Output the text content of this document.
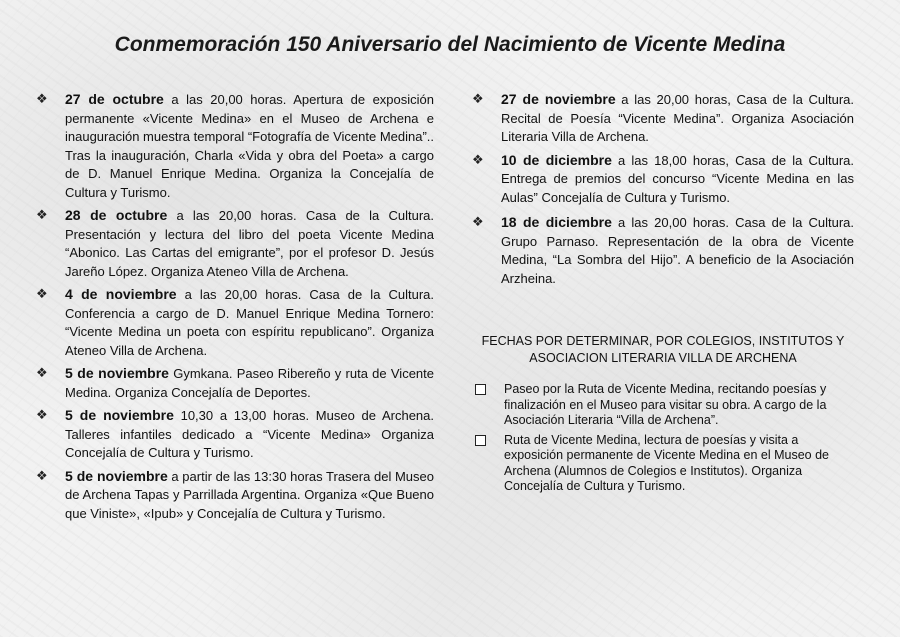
Conmemoración 150 Aniversario del Nacimiento de Vicente Medina
❖ 27 de octubre a las 20,00 horas. Apertura de exposición permanente «Vicente Medina» en el Museo de Archena e inauguración muestra temporal “Fotografía de Vicente Medina”.. Tras la inauguración, Charla «Vida y obra del Poeta» a cargo de D. Manuel Enrique Medina. Organiza la Concejalía de Cultura y Turismo.
❖ 28 de octubre a las 20,00 horas. Casa de la Cultura. Presentación y lectura del libro del poeta Vicente Medina “Abonico. Las Cartas del emigrante”, por el profesor D. Jesús Jareño López. Organiza Ateneo Villa de Archena.
❖ 4 de noviembre a las 20,00 horas. Casa de la Cultura. Conferencia a cargo de D. Manuel Enrique Medina Tornero: “Vicente Medina un poeta con espíritu republicano”. Organiza Ateneo Villa de Archena.
❖ 5 de noviembre Gymkana. Paseo Ribereño y ruta de Vicente Medina. Organiza Concejalía de Deportes.
❖ 5 de noviembre 10,30 a 13,00 horas. Museo de Archena. Talleres infantiles dedicado a “Vicente Medina» Organiza Concejalía de Cultura y Turismo.
❖ 5 de noviembre a partir de las 13:30 horas Trasera del Museo de Archena Tapas y Parrillada Argentina. Organiza «Que Bueno que Viniste», «Ipub» y Concejalía de Cultura y Turismo.
❖ 27 de noviembre a las 20,00 horas, Casa de la Cultura. Recital de Poesía “Vicente Medina”. Organiza Asociación Literaria Villa de Archena.
❖ 10 de diciembre a las 18,00 horas, Casa de la Cultura. Entrega de premios del concurso “Vicente Medina en las Aulas” Concejalía de Cultura y Turismo.
❖ 18 de diciembre a las 20,00 horas. Casa de la Cultura. Grupo Parnaso. Representación de la obra de Vicente Medina, “La Sombra del Hijo”. A beneficio de la Asociación Arzheina.
FECHAS POR DETERMINAR, POR COLEGIOS, INSTITUTOS Y
ASOCIACION LITERARIA VILLA DE ARCHENA
Paseo por la Ruta de Vicente Medina, recitando poesías y finalización en el Museo para visitar su obra. A cargo de la Asociación Literaria “Villa de Archena”.
Ruta de Vicente Medina, lectura de poesías y visita a exposición permanente de Vicente Medina en el Museo de Archena (Alumnos de Colegios e Institutos). Organiza Concejalía de Cultura y Turismo.
